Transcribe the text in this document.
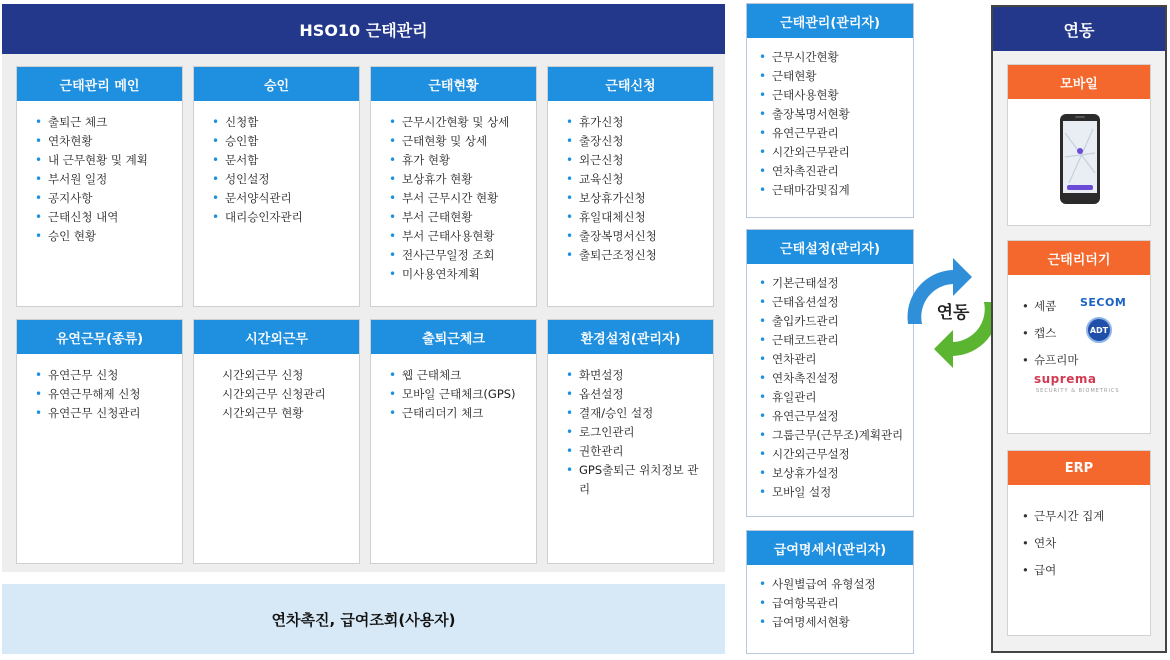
HSO10 근태관리
근태관리 메인
• 출퇴근 체크
• 연차현황
• 내 근무현황 및 계획
• 부서원 일정
• 공지사항
• 근태신청 내역
• 승인 현황
승인
• 신청함
• 승인함
• 문서함
• 성인설정
• 문서양식관리
• 대리승인자관리
근태현황
• 근무시간현황 및 상세
• 근태현황 및 상세
• 휴가 현황
• 보상휴가 현황
• 부서 근무시간 현황
• 부서 근태현황
• 부서 근태사용현황
• 전사근무일정 조회
• 미사용연차계획
근태신청
• 휴가신청
• 출장신청
• 외근신청
• 교육신청
• 보상휴가신청
• 휴일대체신청
• 출장복명서신청
• 출퇴근조정신청
유연근무(종류)
• 유연근무 신청
• 유연근무해제 신청
• 유연근무 신청관리
시간외근무
시간외근무 신청
시간외근무 신청관리
시간외근무 현황
출퇴근체크
• 웹 근태체크
• 모바일 근태체크(GPS)
• 근태리더기 체크
환경설정(관리자)
• 화면설정
• 옵션설정
• 결재/승인 설정
• 로그인관리
• 권한관리
• GPS출퇴근 위치정보 관리
연차촉진, 급여조회(사용자)
근태관리(관리자)
• 근무시간현황
• 근태현황
• 근태사용현황
• 출장복명서현황
• 유연근무관리
• 시간외근무관리
• 연차촉진관리
• 근태마감및집계
근태설정(관리자)
• 기본근태설정
• 근태옵션설정
• 출입카드관리
• 근태코드관리
• 연차관리
• 연차촉진설정
• 휴일관리
• 유연근무설정
• 그룹근무(근무조)계획관리
• 시간외근무설정
• 보상휴가설정
• 모바일 설정
급여명세서(관리자)
• 사원별급여 유형설정
• 급여항목관리
• 급여명세서현황
연동
연동
모바일
근태리더기
• 세콤
• 캡스
• 슈프리마
SECOM
ADT
suprema
SECURITY & BIOMETRICS
ERP
• 근무시간 집계
• 연차
• 급여
